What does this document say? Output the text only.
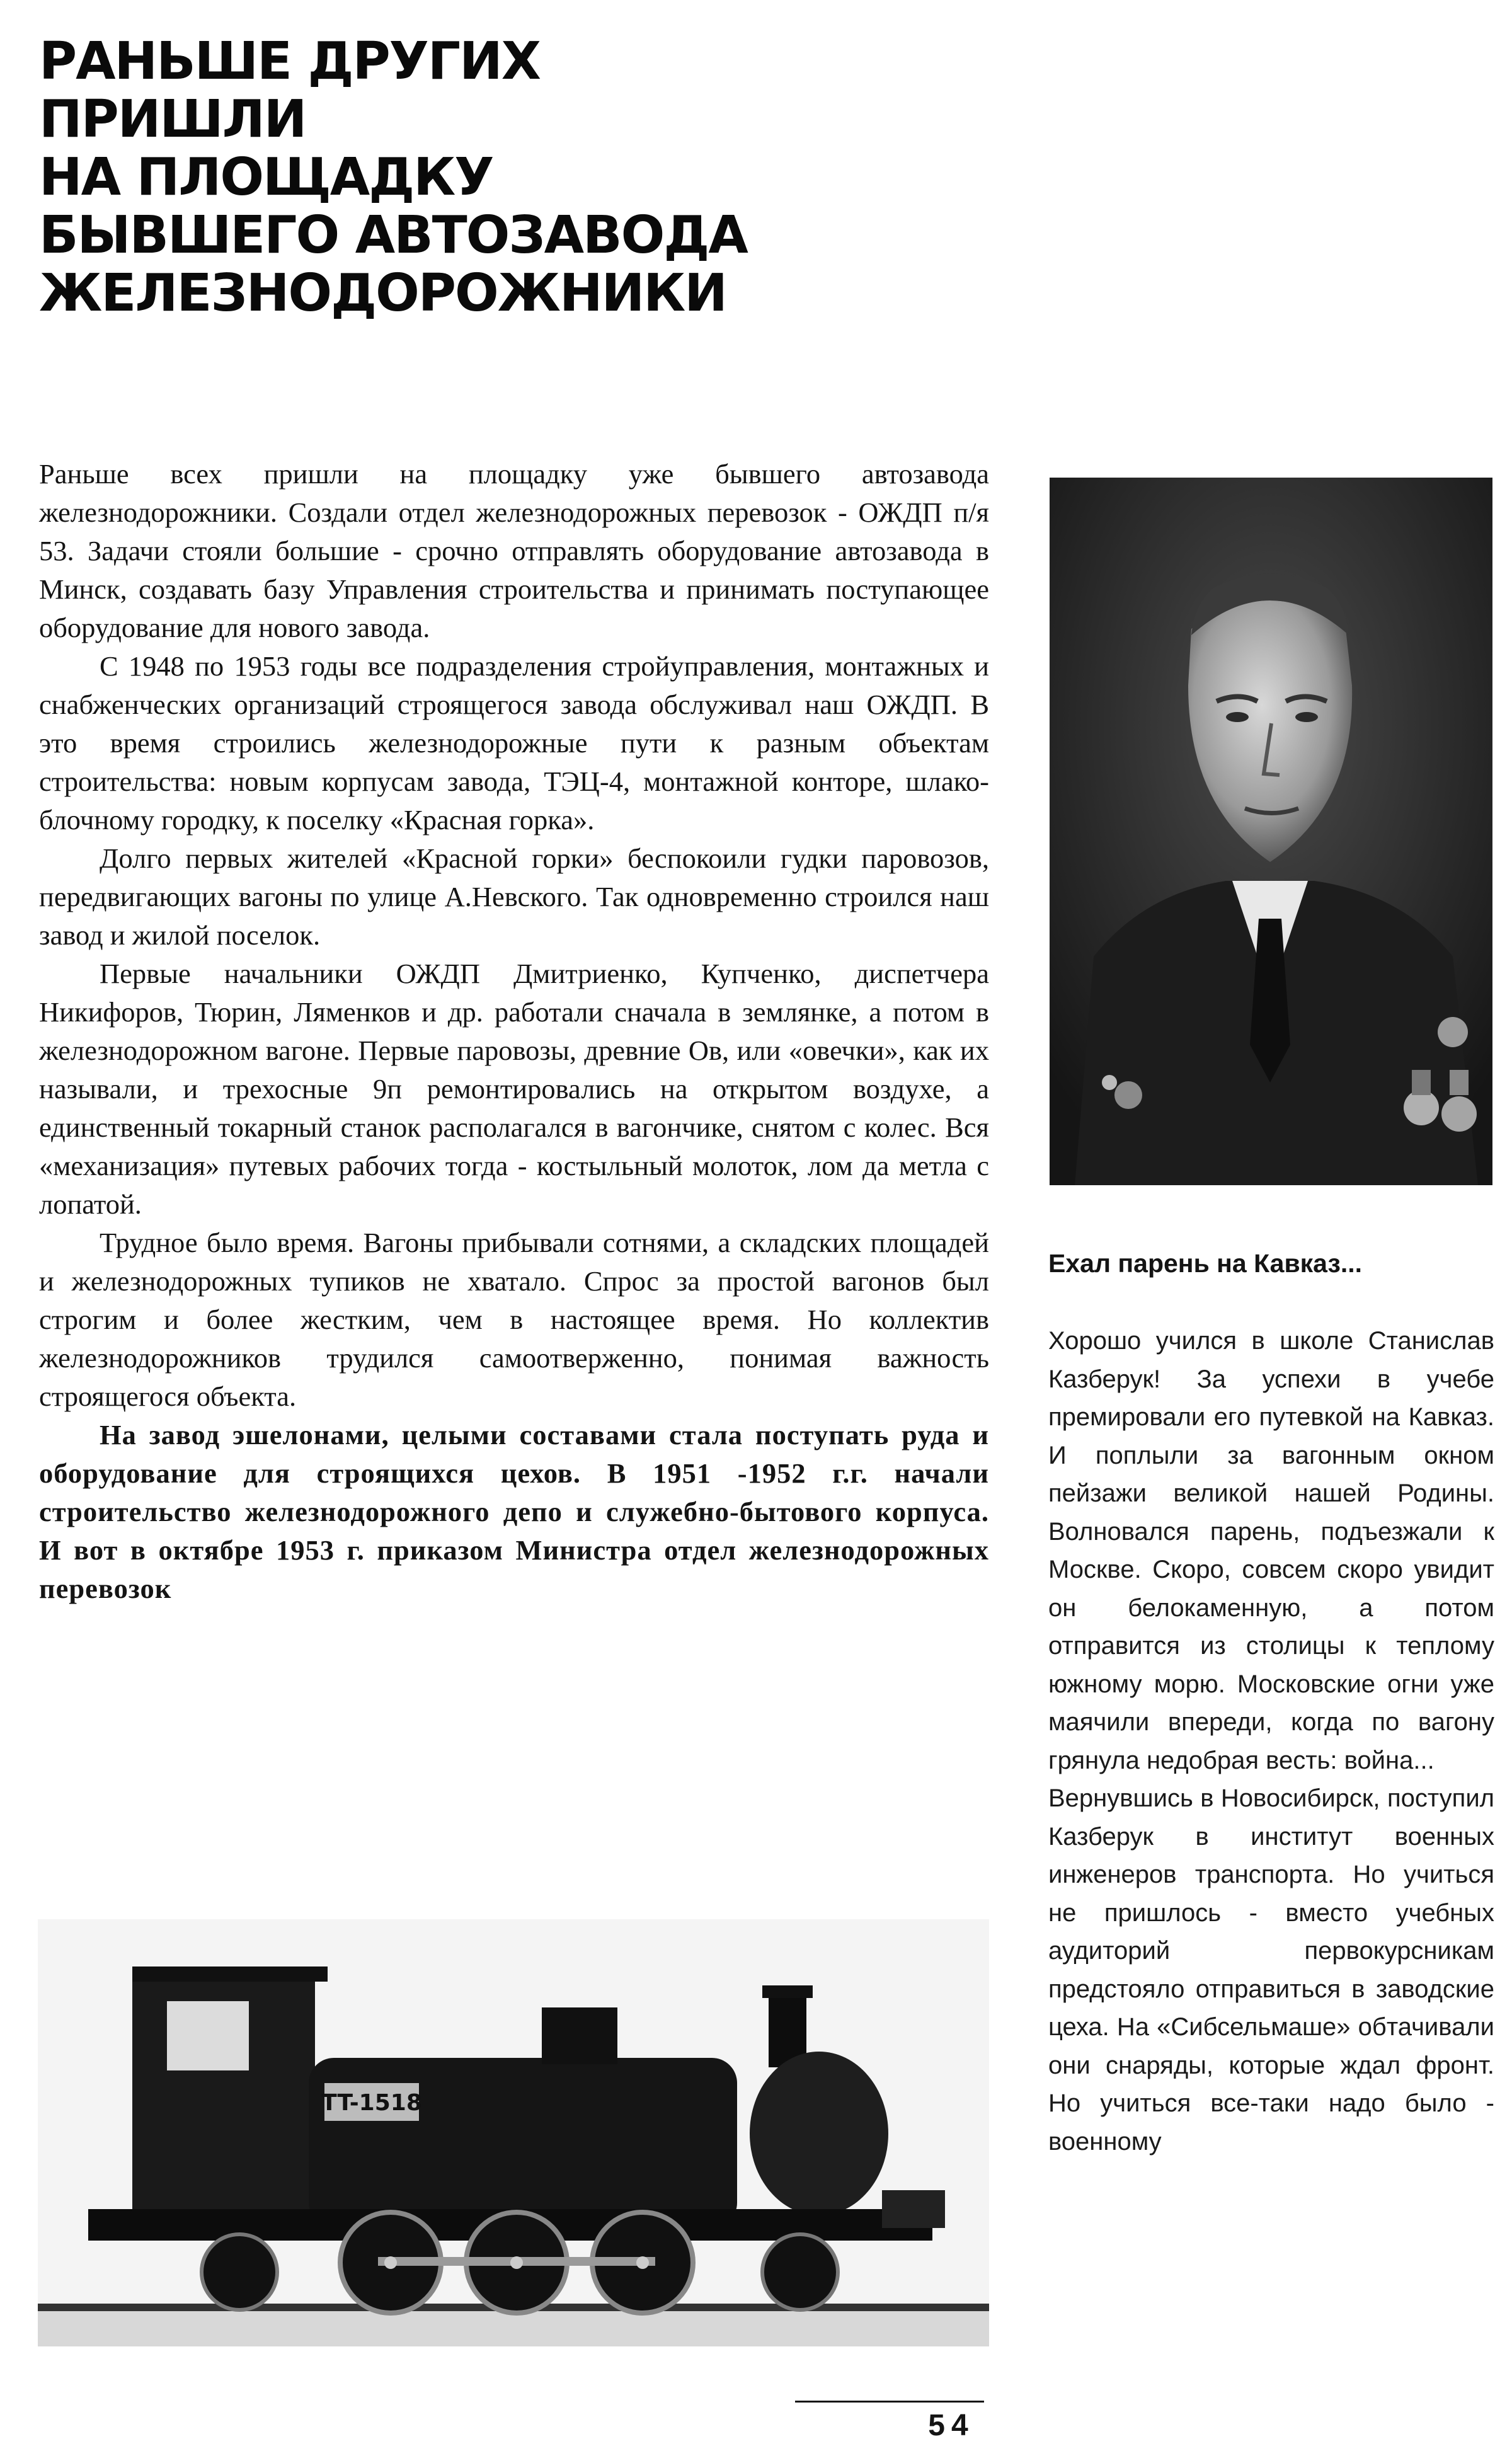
РАНЬШЕ ДРУГИХ
ПРИШЛИ
НА ПЛОЩАДКУ
БЫВШЕГО АВТОЗАВОДА
ЖЕЛЕЗНОДОРОЖНИКИ

Раньше всех пришли на площадку уже бывшего автозавода железнодорожники. Создали отдел железнодорожных перевозок - ОЖДП п/я 53. Задачи стояли большие - срочно отправлять оборудование автозавода в Минск, создавать базу Управления строительства и принимать поступающее оборудование для нового завода.

С 1948 по 1953 годы все подразделения стройуправления, монтажных и снабженческих организаций строящегося завода обслуживал наш ОЖДП. В это время строились железнодорожные пути к разным объектам строительства: новым корпусам завода, ТЭЦ-4, монтажной конторе, шлако-блочному городку, к поселку «Красная горка».

Долго первых жителей «Красной горки» беспокоили гудки паровозов, передвигающих вагоны по улице А.Невского. Так одновременно строился наш завод и жилой поселок.

Первые начальники ОЖДП Дмитриенко, Купченко, диспетчера Никифоров, Тюрин, Ляменков и др. работали сначала в землянке, а потом в железнодорожном вагоне. Первые паровозы, древние Ов, или «овечки», как их называли, и трехосные 9п ремонтировались на открытом воздухе, а единственный токарный станок располагался в вагончике, снятом с колес. Вся «механизация» путевых рабочих тогда - костыльный молоток, лом да метла с лопатой.

Трудное было время. Вагоны прибывали сотнями, а складских площадей и железнодорожных тупиков не хватало. Спрос за простой вагонов был строгим и более жестким, чем в настоящее время. Но коллектив железнодорожников трудился самоотверженно, понимая важность строящегося объекта.

На завод эшелонами, целыми составами стала поступать руда и оборудование для строящихся цехов. В 1951 -1952 г.г. начали строительство железнодорожного депо и служебно-бытового корпуса. И вот в октябре 1953 г. приказом Министра отдел железнодорожных перевозок

Ехал парень на Кавказ...

Хорошо учился в школе Станислав Казберук! За успехи в учебе премировали его путевкой на Кавказ. И поплыли за вагонным окном пейзажи великой нашей Родины. Волновался парень, подъезжали к Москве. Скоро, совсем скоро увидит он белокаменную, а потом отправится из столицы к теплому южному морю. Московские огни уже маячили впереди, когда по вагону грянула недобрая весть: война...

Вернувшись в Новосибирск, поступил Казберук в институт военных инженеров транспорта. Но учиться не пришлось - вместо учебных аудиторий первокурсникам предстояло отправиться в заводские цеха. На «Сибсельмаше» обтачивали они снаряды, которые ждал фронт. Но учиться все-таки надо было - военному

TT-1518
54
